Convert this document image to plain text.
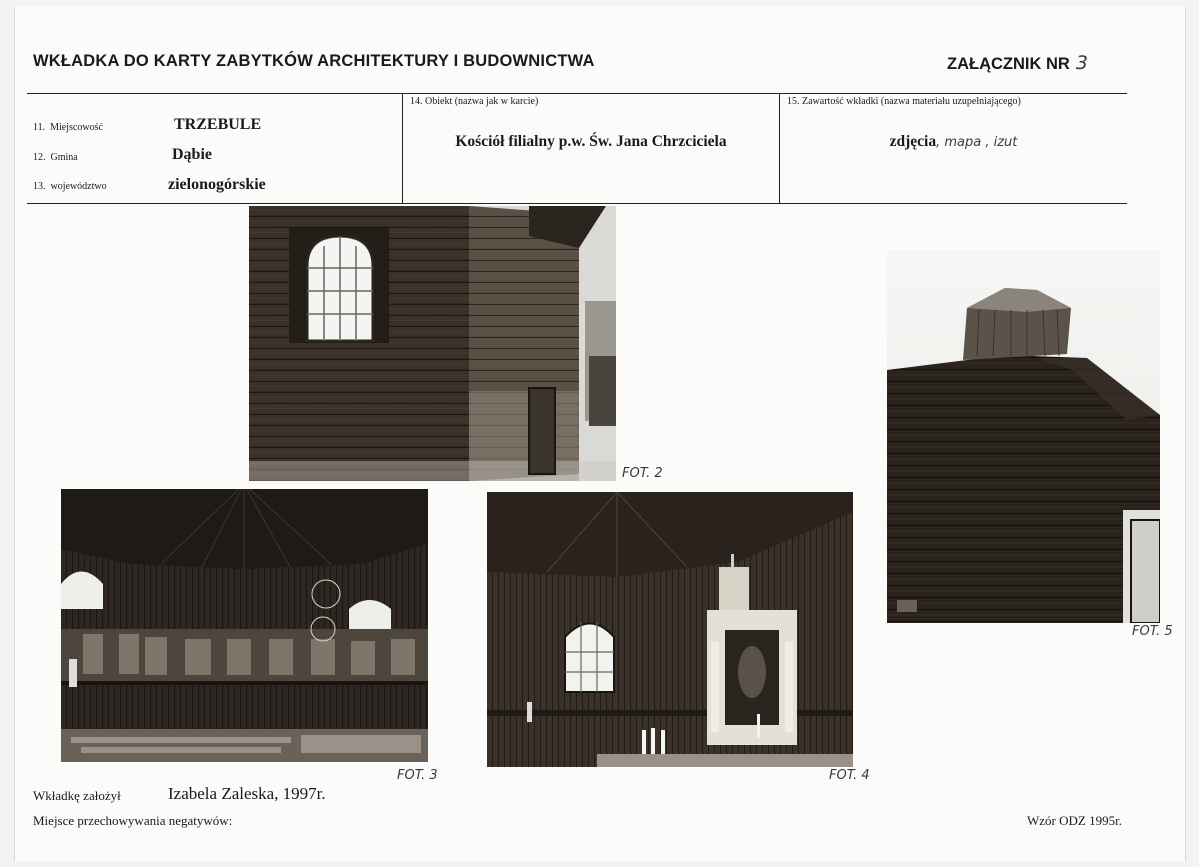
WKŁADKA DO KARTY ZABYTKÓW ARCHITEKTURY I BUDOWNICTWA	ZAŁĄCZNIK NR 3
11. Miejscowość	TRZEBULE
12. Gmina	Dąbie
13. województwo	zielonogórskie
14. Obiekt (nazwa jak w karcie)
Kościół filialny p.w. Św. Jana Chrzciciela
15. Zawartość wkładki (nazwa materiału uzupełniającego)
zdjęcia, mapa , izut
FOT. 2
FOT. 5
FOT. 3	FOT. 4
Wkładkę założył	Izabela Zaleska, 1997r.
Miejsce przechowywania negatywów:	Wzór ODZ 1995r.
